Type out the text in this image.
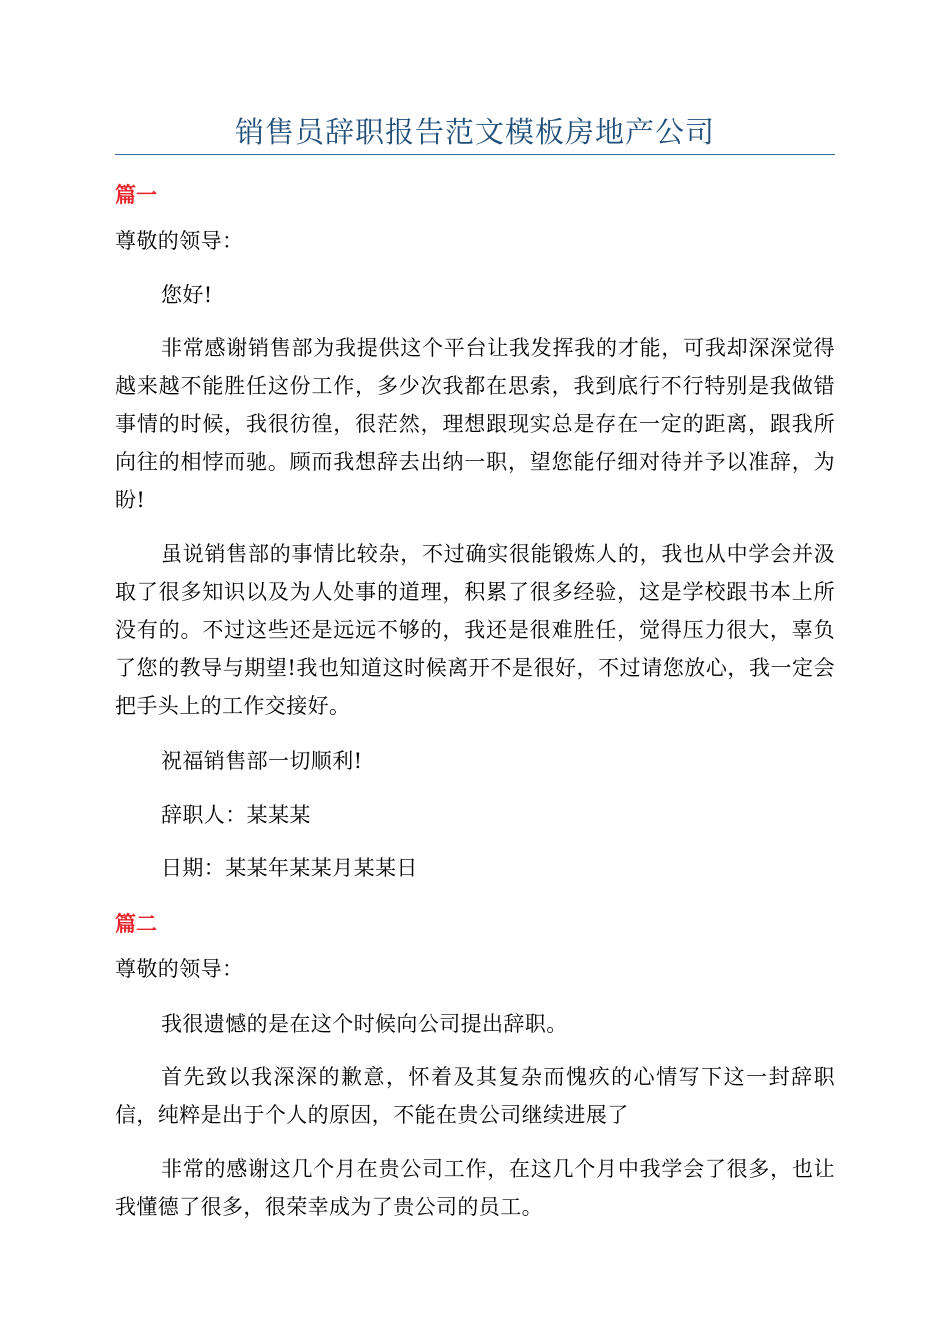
销售员辞职报告范文模板房地产公司
篇一
尊敬的领导：
您好!
非常感谢销售部为我提供这个平台让我发挥我的才能，可我却深深觉得越来越不能胜任这份工作，多少次我都在思索，我到底行不行特别是我做错事情的时候，我很彷徨，很茫然，理想跟现实总是存在一定的距离，跟我所向往的相悖而驰。顾而我想辞去出纳一职，望您能仔细对待并予以准辞，为盼!
虽说销售部的事情比较杂，不过确实很能锻炼人的，我也从中学会并汲取了很多知识以及为人处事的道理，积累了很多经验，这是学校跟书本上所没有的。不过这些还是远远不够的，我还是很难胜任，觉得压力很大，辜负了您的教导与期望!我也知道这时候离开不是很好，不过请您放心，我一定会把手头上的工作交接好。
祝福销售部一切顺利!
辞职人：某某某
日期：某某年某某月某某日
篇二
尊敬的领导：
我很遗憾的是在这个时候向公司提出辞职。
首先致以我深深的歉意，怀着及其复杂而愧疚的心情写下这一封辞职信，纯粹是出于个人的原因，不能在贵公司继续进展了
非常的感谢这几个月在贵公司工作，在这几个月中我学会了很多，也让我懂德了很多，很荣幸成为了贵公司的员工。
